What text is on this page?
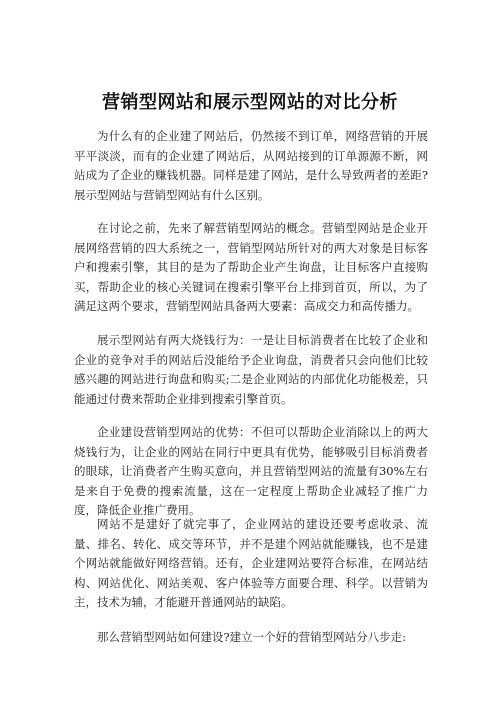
营销型网站和展示型网站的对比分析

为什么有的企业建了网站后，仍然接不到订单，网络营销的开展平平淡淡，而有的企业建了网站后，从网站接到的订单源源不断，网站成为了企业的赚钱机器。同样是建了网站，是什么导致两者的差距?展示型网站与营销型网站有什么区别。

在讨论之前，先来了解营销型网站的概念。营销型网站是企业开展网络营销的四大系统之一，营销型网站所针对的两大对象是目标客户和搜索引擎，其目的是为了帮助企业产生询盘，让目标客户直接购买，帮助企业的核心关键词在搜索引擎平台上排到首页，所以，为了满足这两个要求，营销型网站具备两大要素：高成交力和高传播力。

展示型网站有两大烧钱行为：一是让目标消费者在比较了企业和企业的竞争对手的网站后没能给予企业询盘，消费者只会向他们比较感兴趣的网站进行询盘和购买;二是企业网站的内部优化功能极差，只能通过付费来帮助企业排到搜索引擎首页。

企业建设营销型网站的优势：不但可以帮助企业消除以上的两大烧钱行为，让企业的网站在同行中更具有优势，能够吸引目标消费者的眼球，让消费者产生购买意向，并且营销型网站的流量有30%左右是来自于免费的搜索流量，这在一定程度上帮助企业减轻了推广力度，降低企业推广费用。

网站不是建好了就完事了，企业网站的建设还要考虑收录、流量、排名、转化、成交等环节，并不是建个网站就能赚钱，也不是建个网站就能做好网络营销。还有，企业建网站要符合标准，在网站结构、网站优化、网站美观、客户体验等方面要合理、科学。以营销为主，技术为辅，才能避开普通网站的缺陷。

那么营销型网站如何建设?建立一个好的营销型网站分八步走:
